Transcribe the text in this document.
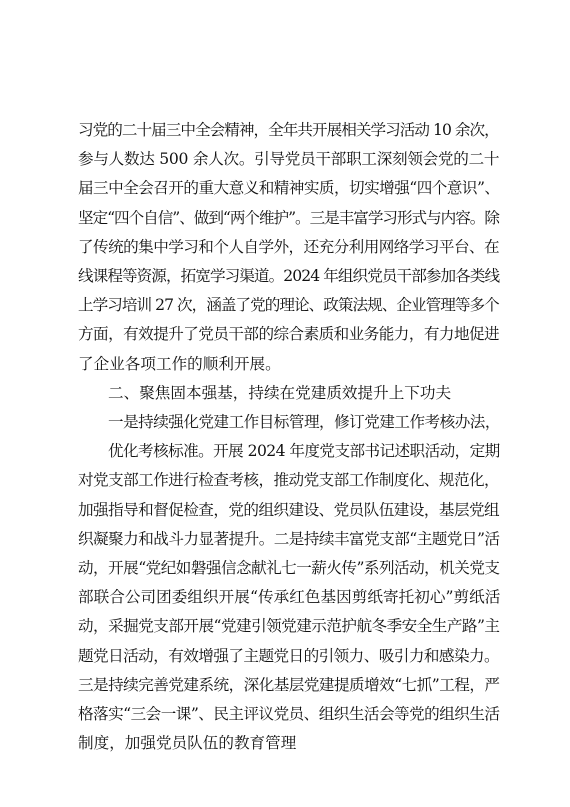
习党的二十届三中全会精神，全年共开展相关学习活动 10 余次，
参与人数达 500 余人次。引导党员干部职工深刻领会党的二十
届三中全会召开的重大意义和精神实质，切实增强“四个意识”、
坚定“四个自信”、做到“两个维护”。三是丰富学习形式与内容。除
了传统的集中学习和个人自学外，还充分利用网络学习平台、在
线课程等资源，拓宽学习渠道。2024 年组织党员干部参加各类线
上学习培训 27 次，涵盖了党的理论、政策法规、企业管理等多个
方面，有效提升了党员干部的综合素质和业务能力，有力地促进
了企业各项工作的顺利开展。
二、聚焦固本强基，持续在党建质效提升上下功夫
一是持续强化党建工作目标管理，修订党建工作考核办法，
优化考核标准。开展 2024 年度党支部书记述职活动，定期
对党支部工作进行检查考核，推动党支部工作制度化、规范化，
加强指导和督促检查，党的组织建设、党员队伍建设，基层党组
织凝聚力和战斗力显著提升。二是持续丰富党支部“主题党日”活
动，开展“党纪如磐强信念献礼七一薪火传”系列活动，机关党支
部联合公司团委组织开展“传承红色基因剪纸寄托初心”剪纸活
动，采掘党支部开展“党建引领党建示范护航冬季安全生产路”主
题党日活动，有效增强了主题党日的引领力、吸引力和感染力。
三是持续完善党建系统，深化基层党建提质增效“七抓”工程，严
格落实“三会一课”、民主评议党员、组织生活会等党的组织生活
制度，加强党员队伍的教育管理
